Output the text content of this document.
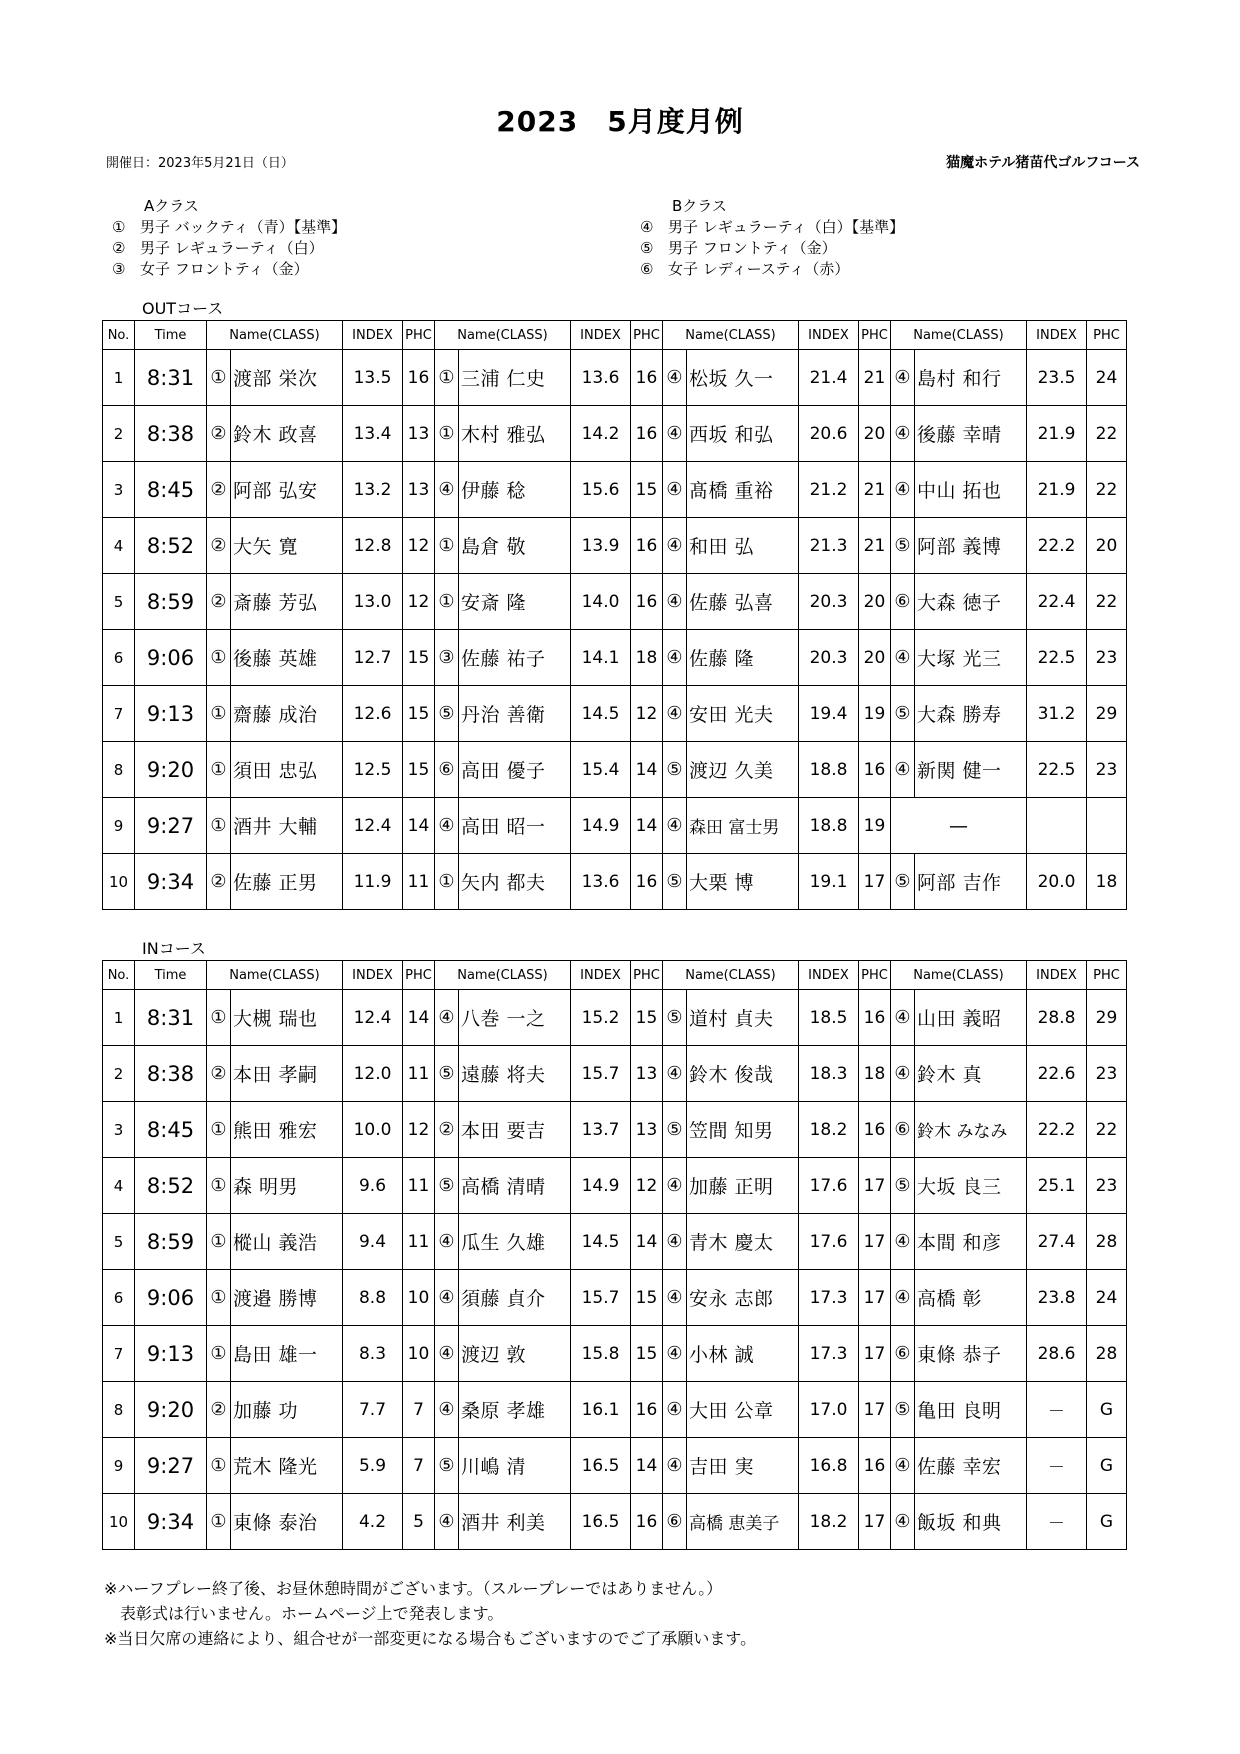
2023　5月度月例
開催日：2023年5月21日（日）	猫魔ホテル猪苗代ゴルフコース
Aクラス
① 男子 バックティ（青）【基準】
② 男子 レギュラーティ（白）
③ 女子 フロントティ（金）
Bクラス
④ 男子 レギュラーティ（白）【基準】
⑤ 男子 フロントティ（金）
⑥ 女子 レディースティ（赤）
OUTコース
No.	Time	Name(CLASS)		INDEX	PHC	Name(CLASS)		INDEX	PHC	Name(CLASS)		INDEX	PHC	Name(CLASS)		INDEX	PHC
1	8:31	①	渡部 栄次	13.5	16	①	三浦 仁史	13.6	16	④	松坂 久一	21.4	21	④	島村 和行	23.5	24
2	8:38	②	鈴木 政喜	13.4	13	①	木村 雅弘	14.2	16	④	西坂 和弘	20.6	20	④	後藤 幸晴	21.9	22
3	8:45	②	阿部 弘安	13.2	13	④	伊藤 稔	15.6	15	④	髙橋 重裕	21.2	21	④	中山 拓也	21.9	22
4	8:52	②	大矢 寛	12.8	12	①	島倉 敬	13.9	16	④	和田 弘	21.3	21	⑤	阿部 義博	22.2	20
5	8:59	②	斎藤 芳弘	13.0	12	①	安斎 隆	14.0	16	④	佐藤 弘喜	20.3	20	⑥	大森 徳子	22.4	22
6	9:06	①	後藤 英雄	12.7	15	③	佐藤 祐子	14.1	18	④	佐藤 隆	20.3	20	④	大塚 光三	22.5	23
7	9:13	①	齋藤 成治	12.6	15	⑤	丹治 善衛	14.5	12	④	安田 光夫	19.4	19	⑤	大森 勝寿	31.2	29
8	9:20	①	須田 忠弘	12.5	15	⑥	高田 優子	15.4	14	⑤	渡辺 久美	18.8	16	④	新関 健一	22.5	23
9	9:27	①	酒井 大輔	12.4	14	④	高田 昭一	14.9	14	④	森田 富士男	18.8	19	—			
10	9:34	②	佐藤 正男	11.9	11	①	矢内 都夫	13.6	16	⑤	大栗 博	19.1	17	⑤	阿部 吉作	20.0	18
INコース
No.	Time	Name(CLASS)		INDEX	PHC	Name(CLASS)		INDEX	PHC	Name(CLASS)		INDEX	PHC	Name(CLASS)		INDEX	PHC
1	8:31	①	大槻 瑞也	12.4	14	④	八巻 一之	15.2	15	⑤	道村 貞夫	18.5	16	④	山田 義昭	28.8	29
2	8:38	②	本田 孝嗣	12.0	11	⑤	遠藤 将夫	15.7	13	④	鈴木 俊哉	18.3	18	④	鈴木 真	22.6	23
3	8:45	①	熊田 雅宏	10.0	12	②	本田 要吉	13.7	13	⑤	笠間 知男	18.2	16	⑥	鈴木 みなみ	22.2	22
4	8:52	①	森 明男	9.6	11	⑤	高橋 清晴	14.9	12	④	加藤 正明	17.6	17	⑤	大坂 良三	25.1	23
5	8:59	①	樅山 義浩	9.4	11	④	瓜生 久雄	14.5	14	④	青木 慶太	17.6	17	④	本間 和彦	27.4	28
6	9:06	①	渡邉 勝博	8.8	10	④	須藤 貞介	15.7	15	④	安永 志郎	17.3	17	④	高橋 彰	23.8	24
7	9:13	①	島田 雄一	8.3	10	④	渡辺 敦	15.8	15	④	小林 誠	17.3	17	⑥	東條 恭子	28.6	28
8	9:20	②	加藤 功	7.7	7	④	桑原 孝雄	16.1	16	④	大田 公章	17.0	17	⑤	亀田 良明	－	G
9	9:27	①	荒木 隆光	5.9	7	⑤	川嶋 清	16.5	14	④	吉田 実	16.8	16	④	佐藤 幸宏	－	G
10	9:34	①	東條 泰治	4.2	5	④	酒井 利美	16.5	16	⑥	高橋 恵美子	18.2	17	④	飯坂 和典	－	G
※ハーフプレー終了後、お昼休憩時間がございます。（スループレーではありません。）
　表彰式は行いません。ホームページ上で発表します。
※当日欠席の連絡により、組合せが一部変更になる場合もございますのでご了承願います。
